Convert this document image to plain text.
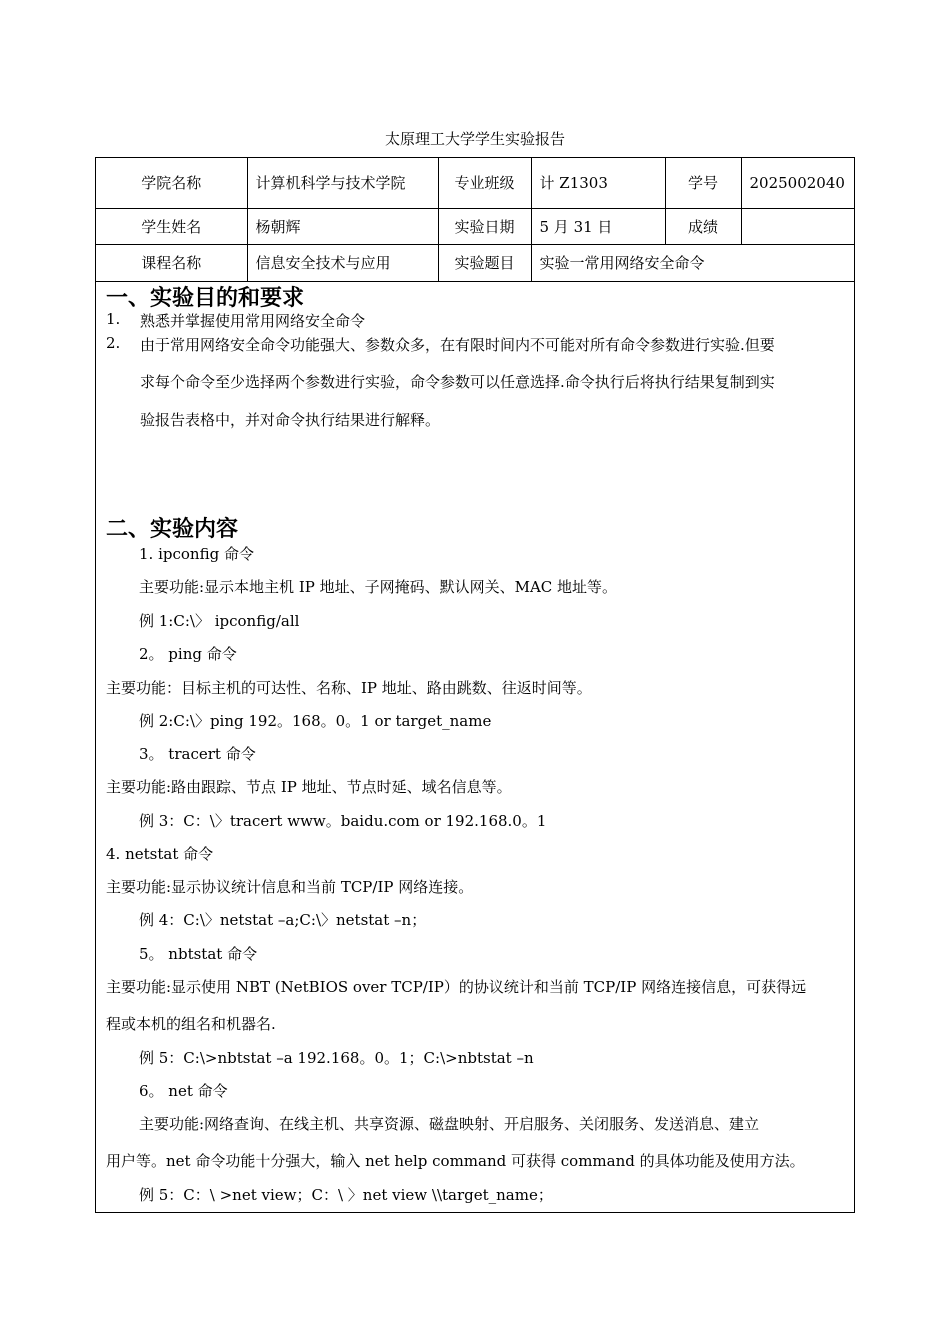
太原理工大学学生实验报告
学院名称	计算机科学与技术学院	专业班级	计 Z1303	学号	2025002040
学生姓名	杨朝辉	实验日期	5 月 31 日	成绩	
课程名称	信息安全技术与应用	实验题目	实验一常用网络安全命令		
一、实验目的和要求
1. 熟悉并掌握使用常用网络安全命令
2. 由于常用网络安全命令功能强大、参数众多，在有限时间内不可能对所有命令参数进行实验.但要
求每个命令至少选择两个参数进行实验，命令参数可以任意选择.命令执行后将执行结果复制到实
验报告表格中，并对命令执行结果进行解释。
二、实验内容
1. ipconfig 命令
主要功能:显示本地主机 IP 地址、子网掩码、默认网关、MAC 地址等。
例 1:C:\〉 ipconfig/all
2。 ping 命令
主要功能：目标主机的可达性、名称、IP 地址、路由跳数、往返时间等。
例 2:C:\〉ping 192。168。0。1 or target_name
3。 tracert 命令
主要功能:路由跟踪、节点 IP 地址、节点时延、域名信息等。
例 3：C：\〉tracert www。baidu.com or 192.168.0。1
4. netstat 命令
主要功能:显示协议统计信息和当前 TCP/IP 网络连接。
例 4：C:\〉netstat –a;C:\〉netstat –n；
5。 nbtstat 命令
主要功能:显示使用 NBT (NetBIOS over TCP/IP）的协议统计和当前 TCP/IP 网络连接信息，可获得远
程或本机的组名和机器名.
例 5：C:\>nbtstat –a 192.168。0。1；C:\>nbtstat –n
6。 net 命令
主要功能:网络查询、在线主机、共享资源、磁盘映射、开启服务、关闭服务、发送消息、建立
用户等。net 命令功能十分强大，输入 net help command 可获得 command 的具体功能及使用方法。
例 5：C：\ >net view；C：\ 〉net view \\target_name；
